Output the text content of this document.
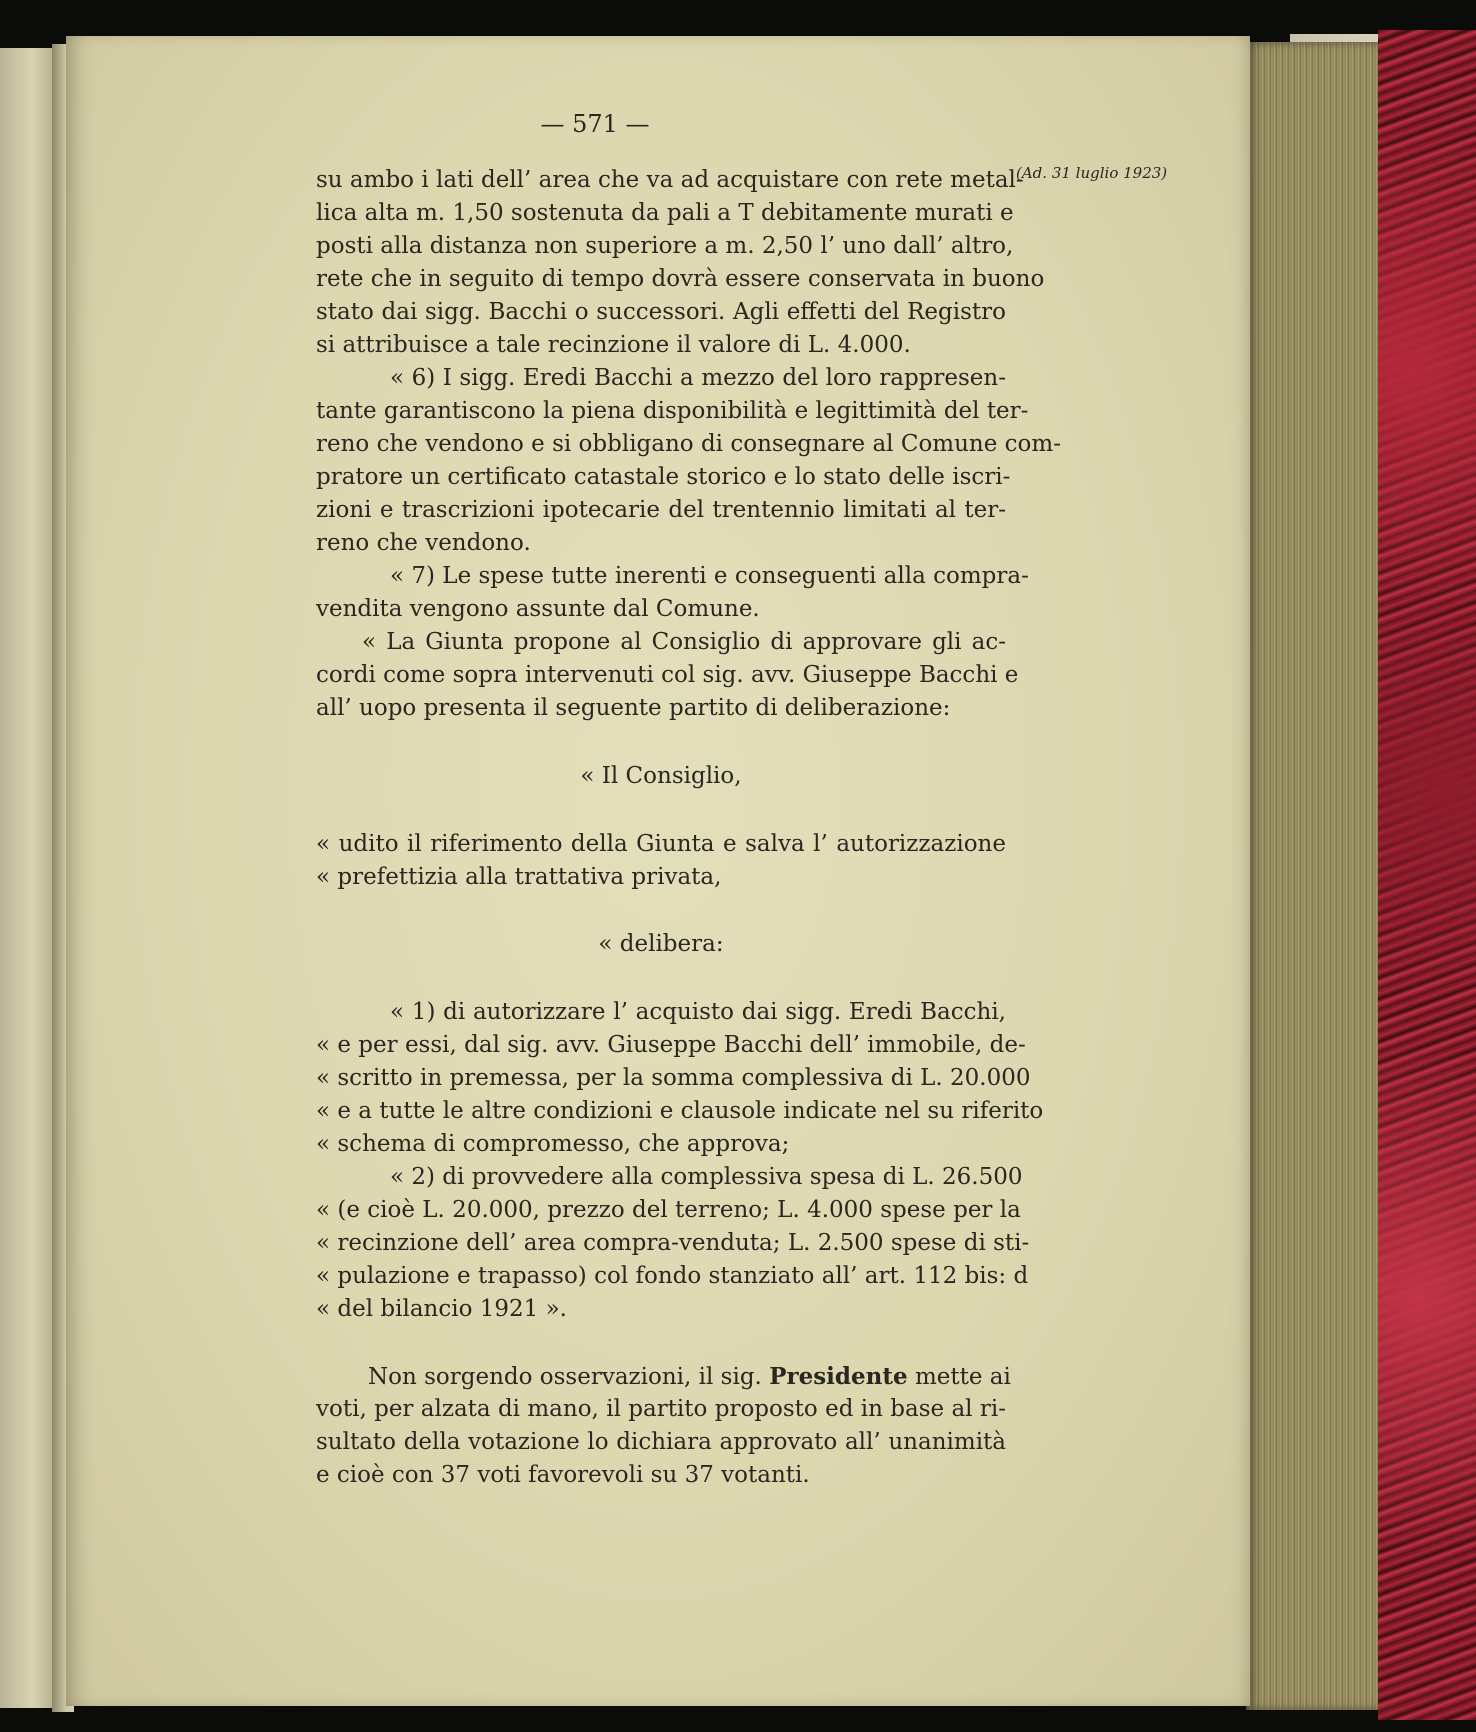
— 571 —
(Ad. 31 luglio 1923)
su ambo i lati dell’ area che va ad acquistare con rete metal-
lica alta m. 1,50 sostenuta da pali a T debitamente murati e
posti alla distanza non superiore a m. 2,50 l’ uno dall’ altro,
rete che in seguito di tempo dovrà essere conservata in buono
stato dai sigg. Bacchi o successori. Agli effetti del Registro
si attribuisce a tale recinzione il valore di L. 4.000.
« 6) I sigg. Eredi Bacchi a mezzo del loro rappresen-
tante garantiscono la piena disponibilità e legittimità del ter-
reno che vendono e si obbligano di consegnare al Comune com-
pratore un certificato catastale storico e lo stato delle iscri-
zioni e trascrizioni ipotecarie del trentennio limitati al ter-
reno che vendono.
« 7) Le spese tutte inerenti e conseguenti alla compra-
vendita vengono assunte dal Comune.
« La Giunta propone al Consiglio di approvare gli ac-
cordi come sopra intervenuti col sig. avv. Giuseppe Bacchi e
all’ uopo presenta il seguente partito di deliberazione:
« Il Consiglio,
« udito il riferimento della Giunta e salva l’ autorizzazione
« prefettizia alla trattativa privata,
« delibera:
« 1) di autorizzare l’ acquisto dai sigg. Eredi Bacchi,
« e per essi, dal sig. avv. Giuseppe Bacchi dell’ immobile, de-
« scritto in premessa, per la somma complessiva di L. 20.000
« e a tutte le altre condizioni e clausole indicate nel su riferito
« schema di compromesso, che approva;
« 2) di provvedere alla complessiva spesa di L. 26.500
« (e cioè L. 20.000, prezzo del terreno; L. 4.000 spese per la
« recinzione dell’ area compra-venduta; L. 2.500 spese di sti-
« pulazione e trapasso) col fondo stanziato all’ art. 112 bis: d
« del bilancio 1921 ».
Non sorgendo osservazioni, il sig. Presidente mette ai
voti, per alzata di mano, il partito proposto ed in base al ri-
sultato della votazione lo dichiara approvato all’ unanimità
e cioè con 37 voti favorevoli su 37 votanti.
